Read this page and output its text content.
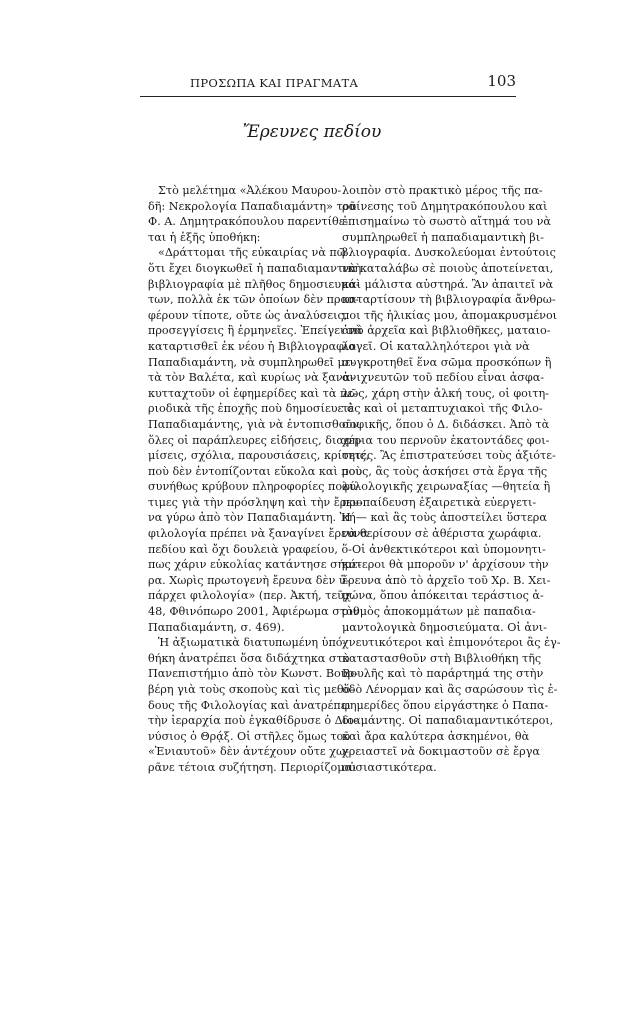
ΠΡΟΣΩΠΑ ΚΑΙ ΠΡΑΓΜΑΤΑ	103
Ἔρευνες πεδίου
Στὸ μελέτημα «Ἀλέκου Μαυρου-
δῆ: Νεκρολογία Παπαδιαμάντη» τοῦ
Φ. Α. Δημητρακόπουλου παρεντίθε-
ται ἡ ἑξῆς ὑποθήκη:
«Δράττομαι τῆς εὐκαιρίας νὰ πῶ
ὅτι ἔχει διογκωθεῖ ἡ παπαδιαμαντικὴ
βιβλιογραφία μὲ πλῆθος δημοσιευμά-
των, πολλὰ ἐκ τῶν ὁποίων δὲν προσ-
φέρουν τίποτε, οὔτε ὡς ἀναλύσεις,
προσεγγίσεις ἢ ἑρμηνεῖες. Ἐπείγει νὰ
καταρτισθεῖ ἐκ νέου ἡ Βιβλιογραφία
Παπαδιαμάντη, νὰ συμπληρωθεῖ με-
τὰ τὸν Βαλέτα, καὶ κυρίως νὰ ξανα-
κυτταχτοῦν οἱ ἐφημερίδες καὶ τὰ πε-
ριοδικὰ τῆς ἐποχῆς ποὺ δημοσίευε ὁ
Παπαδιαμάντης, γιὰ νὰ ἐντοπισθοῦν
ὅλες οἱ παράπλευρες εἰδήσεις, διαφη-
μίσεις, σχόλια, παρουσιάσεις, κρίσεις,
ποὺ δὲν ἐντοπίζονται εὔκολα καὶ ποὺ
συνήθως κρύβουν πληροφορίες πολύ-
τιμες γιὰ τὴν πρόσληψη καὶ τὴν ἔρευ-
να γύρω ἀπὸ τὸν Παπαδιαμάντη. Ἡ
φιλολογία πρέπει νὰ ξαναγίνει ἔρευνα
πεδίου καὶ ὄχι δουλειὰ γραφείου, ὅ-
πως χάριν εὐκολίας κατάντησε σήμε-
ρα. Χωρὶς πρωτογενὴ ἔρευνα δὲν ὑ-
πάρχει φιλολογία» (περ. Ἀκτή, τεῦχ.
48, Φθινόπωρο 2001, Ἀφιέρωμα στὸν
Παπαδιαμάντη, σ. 469).
Ἡ ἀξιωματικὰ διατυπωμένη ὑπό-
θήκη ἀνατρέπει ὅσα διδάχτηκα στὸ
Πανεπιστήμιο ἀπὸ τὸν Κωνστ. Βουρ-
βέρη γιὰ τοὺς σκοποὺς καὶ τὶς μεθό-
δους τῆς Φιλολογίας καὶ ἀνατρέπει
τὴν ἱεραρχία ποὺ ἐγκαθίδρυσε ὁ Διο-
νύσιος ὁ Θρᾴξ. Οἱ στῆλες ὅμως τοῦ
«Ἐνιαυτοῦ» δὲν ἀντέχουν οὔτε χω-
ρᾶνε τέτοια συζήτηση. Περιορίζομαι
λοιπὸν στὸ πρακτικὸ μέρος τῆς πα-
ραίνεσης τοῦ Δημητρακόπουλου καὶ
ἐπισημαίνω τὸ σωστὸ αἴτημά του νὰ
συμπληρωθεῖ ἡ παπαδιαμαντικὴ βι-
βλιογραφία. Δυσκολεύομαι ἐντούτοις
νὰ καταλάβω σὲ ποιοὺς ἀποτείνεται,
καὶ μάλιστα αὐστηρά. Ἂν ἀπαιτεῖ νὰ
καταρτίσουν τὴ βιβλιογραφία ἄνθρω-
ποι τῆς ἡλικίας μου, ἀπομακρυσμένοι
ἀπὸ ἀρχεῖα καὶ βιβλιοθῆκες, ματαιο-
λογεῖ. Οἱ καταλληλότεροι γιὰ νὰ
συγκροτηθεῖ ἕνα σῶμα προσκόπων ἢ
ἀνιχνευτῶν τοῦ πεδίου εἶναι ἀσφα-
λῶς, χάρη στὴν ἀλκή τους, οἱ φοιτη-
τὲς καὶ οἱ μεταπτυχιακοὶ τῆς Φιλο-
σοφικῆς, ὅπου ὁ Δ. διδάσκει. Ἀπὸ τὰ
χέρια του περνοῦν ἑκατοντάδες φοι-
τητές. Ἂς ἐπιστρατεύσει τοὺς ἀξιότε-
ρους, ἂς τοὺς ἀσκήσει στὰ ἔργα τῆς
φιλολογικῆς χειρωναξίας —θητεία ἢ
προπαίδευση ἐξαιρετικὰ εὐεργετι-
κή— καὶ ἂς τοὺς ἀποστείλει ὕστερα
νὰ θερίσουν σὲ ἀθέριστα χωράφια.
Οἱ ἀνθεκτικότεροι καὶ ὑπομονητι-
κότεροι θὰ μποροῦν ν' ἀρχίσουν τὴν
ἔρευνα ἀπὸ τὸ ἀρχεῖο τοῦ Χρ. Β. Χει-
μώνα, ὅπου ἀπόκειται τεράστιος ἀ-
ριθμὸς ἀποκομμάτων μὲ παπαδια-
μαντολογικὰ δημοσιεύματα. Οἱ ἀνι-
χνευτικότεροι καὶ ἐπιμονότεροι ἂς ἐγ-
καταστασθοῦν στὴ Βιβλιοθήκη τῆς
Βουλῆς καὶ τὸ παράρτημά της στὴν
ὁδὸ Λένορμαν καὶ ἂς σαρώσουν τὶς ἐ-
φημερίδες ὅπου εἰργάστηκε ὁ Παπα-
διαμάντης. Οἱ παπαδιαμαντικότεροι,
καὶ ἄρα καλύτερα ἀσκημένοι, θὰ
χρειαστεῖ νὰ δοκιμαστοῦν σὲ ἔργα
οὐσιαστικότερα.
